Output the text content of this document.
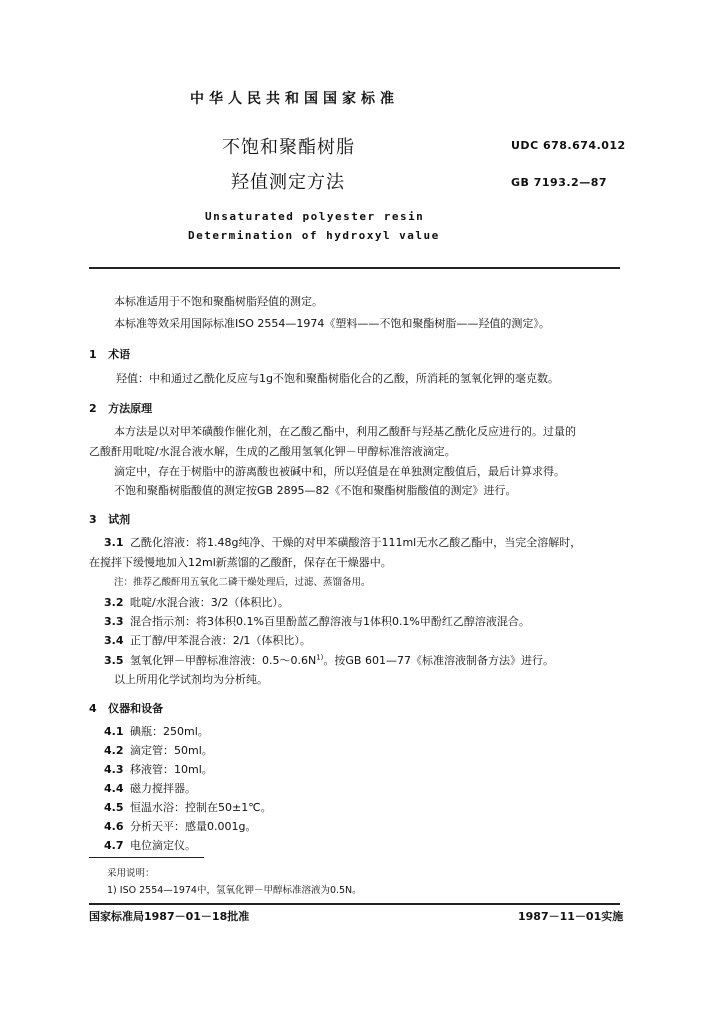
中华人民共和国国家标准
不饱和聚酯树脂
羟值测定方法
UDC 678.674.012
GB 7193.2—87
Unsaturated polyester resin
Determination of hydroxyl value
本标准适用于不饱和聚酯树脂羟值的测定。
本标准等效采用国际标准ISO 2554—1974《塑料——不饱和聚酯树脂——羟值的测定》。
1 术语
羟值：中和通过乙酰化反应与1g不饱和聚酯树脂化合的乙酸，所消耗的氢氧化钾的毫克数。
2 方法原理
本方法是以对甲苯磺酸作催化剂，在乙酸乙酯中，利用乙酸酐与羟基乙酰化反应进行的。过量的
乙酸酐用吡啶/水混合液水解，生成的乙酸用氢氧化钾－甲醇标准溶液滴定。
滴定中，存在于树脂中的游离酸也被碱中和，所以羟值是在单独测定酸值后，最后计算求得。
不饱和聚酯树脂酸值的测定按GB 2895—82《不饱和聚酯树脂酸值的测定》进行。
3 试剂
3.1 乙酰化溶液：将1.48g纯净、干燥的对甲苯磺酸溶于111ml无水乙酸乙酯中，当完全溶解时，
在搅拌下缓慢地加入12ml新蒸馏的乙酸酐，保存在干燥器中。
注：推荐乙酸酐用五氧化二磷干燥处理后，过滤、蒸馏备用。
3.2 吡啶/水混合液：3/2（体积比）。
3.3 混合指示剂：将3体积0.1%百里酚蓝乙醇溶液与1体积0.1%甲酚红乙醇溶液混合。
3.4 正丁醇/甲苯混合液：2/1（体积比）。
3.5 氢氧化钾－甲醇标准溶液：$0.5\sim 0.6N^{1)}$。按GB 601—77《标准溶液制备方法》进行。
以上所用化学试剂均为分析纯。
4 仪器和设备
4.1 碘瓶：250ml。
4.2 滴定管：50ml。
4.3 移液管：10ml。
4.4 磁力搅拌器。
4.5 恒温水浴：控制在50±1℃。
4.6 分析天平：感量0.001g。
4.7 电位滴定仪。
采用说明：
1) ISO 2554—1974中，氢氧化钾－甲醇标准溶液为0.5N。
国家标准局1987－01－18批准	1987－11－01实施
